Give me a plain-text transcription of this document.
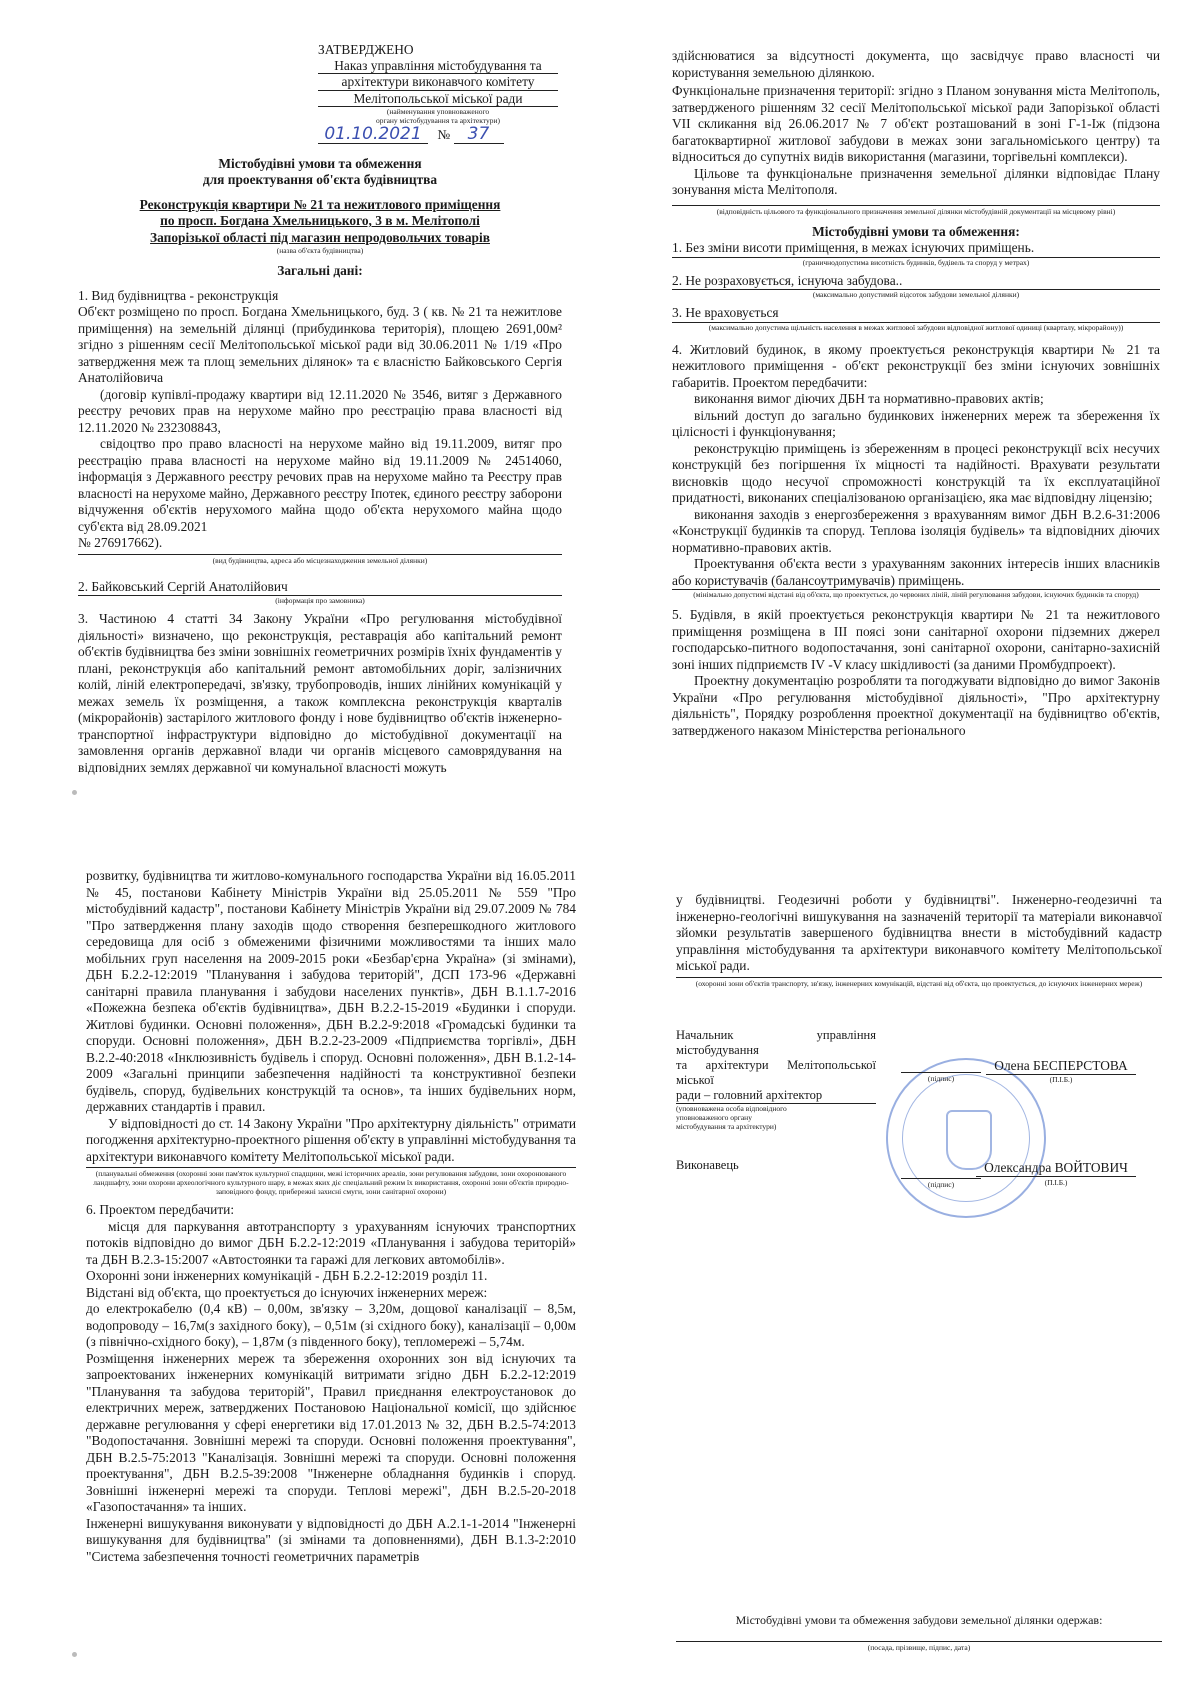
ЗАТВЕРДЖЕНО
Наказ управління містобудування та
архітектури виконавчого комітету
Мелітопольської міської ради

(найменування уповноваженого

органу містобудування та архітектури)

01.10.2021 № 37
Містобудівні умови та обмеження
для проектування об'єкта будівництва
Реконструкція квартири № 21 та нежитлового приміщення
по просп. Богдана Хмельницького, 3 в м. Мелітополі
Запорізької області під магазин непродовольчих товарів

(назва об'єкта будівництва)

Загальні дані:

1. Вид будівництва - реконструкція

Об'єкт розміщено по просп. Богдана Хмельницького, буд. 3 ( кв. № 21 та нежитлове приміщення) на земельній ділянці (прибудинкова територія), площею 2691,00м² згідно з рішенням сесії Мелітопольської міської ради від 30.06.2011 № 1/19 «Про затвердження меж та площ земельних ділянок» та є власністю Байковського Сергія Анатолійовича

(договір купівлі-продажу квартири від 12.11.2020 № 3546, витяг з Державного реєстру речових прав на нерухоме майно про реєстрацію права власності від 12.11.2020 № 232308843,

свідоцтво про право власності на нерухоме майно від 19.11.2009, витяг про реєстрацію права власності на нерухоме майно від 19.11.2009 № 24514060, інформація з Державного реєстру речових прав на нерухоме майно та Реєстру прав власності на нерухоме майно, Державного реєстру Іпотек, єдиного реєстру заборони відчуження об'єктів нерухомого майна щодо об'єкта нерухомого майна щодо суб'єкта від 28.09.2021

№ 276917662).

(вид будівництва, адреса або місцезнаходження земельної ділянки)

2. Байковський Сергій Анатолійович

(інформація про замовника)

3. Частиною 4 статті 34 Закону України «Про регулювання містобудівної діяльності» визначено, що реконструкція, реставрація або капітальний ремонт об'єктів будівництва без зміни зовнішніх геометричних розмірів їхніх фундаментів у плані, реконструкція або капітальний ремонт автомобільних доріг, залізничних колій, ліній електропередачі, зв'язку, трубопроводів, інших лінійних комунікацій у межах земель їх розміщення, а також комплексна реконструкція кварталів (мікрорайонів) застарілого житлового фонду і нове будівництво об'єктів інженерно-транспортної інфраструктури відповідно до містобудівної документації на замовлення органів державної влади чи органів місцевого самоврядування на відповідних землях державної чи комунальної власності можуть

здійснюватися за відсутності документа, що засвідчує право власності чи користування земельною ділянкою.

Функціональне призначення території: згідно з Планом зонування міста Мелітополь, затвердженого рішенням 32 сесії Мелітопольської міської ради Запорізької області VII скликання від 26.06.2017 № 7 об'єкт розташований в зоні Г-1-Іж (підзона багатоквартирної житлової забудови в межах зони загальноміського центру) та відноситься до супутніх видів використання (магазини, торгівельні комплекси).

Цільове та функціональне призначення земельної ділянки відповідає Плану зонування міста Мелітополя.

(відповідність цільового та функціонального призначення земельної ділянки містобудівній документації на місцевому рівні)

Містобудівні умови та обмеження:

1. Без зміни висоти приміщення, в межах існуючих приміщень.

(граничнодопустима висотність будинків, будівель та споруд у метрах)

2. Не розраховується, існуюча забудова..

(максимально допустимий відсоток забудови земельної ділянки)

3. Не враховується

(максимально допустима щільність населення в межах житлової забудови відповідної житлової одиниці (кварталу, мікрорайону))

4. Житловий будинок, в якому проектується реконструкція квартири № 21 та нежитлового приміщення - об'єкт реконструкції без зміни існуючих зовнішніх габаритів. Проектом передбачити:

виконання вимог діючих ДБН та нормативно-правових актів;

вільний доступ до загально будинкових інженерних мереж та збереження їх цілісності і функціонування;

реконструкцію приміщень із збереженням в процесі реконструкції всіх несучих конструкцій без погіршення їх міцності та надійності. Врахувати результати висновків щодо несучої спроможності конструкцій та їх експлуатаційної придатності, виконаних спеціалізованою організацією, яка має відповідну ліцензію;

виконання заходів з енергозбереження з врахуванням вимог ДБН В.2.6-31:2006 «Конструкції будинків та споруд. Теплова ізоляція будівель» та відповідних діючих нормативно-правових актів.

Проектування об'єкта вести з урахуванням законних інтересів інших власників або користувачів (балансоутримувачів) приміщень.

(мінімально допустимі відстані від об'єкта, що проектується, до червоних ліній, ліній регулювання забудови, існуючих будинків та споруд)

5. Будівля, в якій проектується реконструкція квартири № 21 та нежитлового приміщення розміщена в III поясі зони санітарної охорони підземних джерел господарсько-питного водопостачання, зоні санітарної охорони, санітарно-захисній зоні інших підприємств IV -V класу шкідливості (за даними Промбудпроект).

Проектну документацію розробляти та погоджувати відповідно до вимог Законів України «Про регулювання містобудівної діяльності», "Про архітектурну діяльність", Порядку розроблення проектної документації на будівництво об'єктів, затвердженого наказом Міністерства регіонального

розвитку, будівництва ти житлово-комунального господарства України від 16.05.2011 № 45, постанови Кабінету Міністрів України від 25.05.2011 № 559 "Про містобудівний кадастр", постанови Кабінету Міністрів України від 29.07.2009 № 784 "Про затвердження плану заходів щодо створення безперешкодного житлового середовища для осіб з обмеженими фізичними можливостями та інших мало мобільних груп населення на 2009-2015 роки «Безбар'єрна Україна» (зі змінами), ДБН Б.2.2-12:2019 "Планування і забудова територій", ДСП 173-96 «Державні санітарні правила планування і забудови населених пунктів», ДБН В.1.1.7-2016 «Пожежна безпека об'єктів будівництва», ДБН В.2.2-15-2019 «Будинки і споруди. Житлові будинки. Основні положення», ДБН В.2.2-9:2018 «Громадські будинки та споруди. Основні положення», ДБН В.2.2-23-2009 «Підприємства торгівлі», ДБН В.2.2-40:2018 «Інклюзивність будівель і споруд. Основні положення», ДБН В.1.2-14-2009 «Загальні принципи забезпечення надійності та конструктивної безпеки будівель, споруд, будівельних конструкцій та основ», та інших будівельних норм, державних стандартів і правил.

У відповідності до ст. 14 Закону України "Про архітектурну діяльність" отримати погодження архітектурно-проектного рішення об'єкту в управлінні містобудування та архітектури виконавчого комітету Мелітопольської міської ради.

(планувальні обмеження (охоронні зони пам'яток культурної спадщини, межі історичних ареалів, зони регулювання забудови, зони охоронюваного ландшафту, зони охорони археологічного культурного шару, в межах яких діє спеціальний режим їх використання, охоронні зони об'єктів природно-заповідного фонду, прибережні захисні смуги, зони санітарної охорони)

6. Проектом передбачити:

місця для паркування автотранспорту з урахуванням існуючих транспортних потоків відповідно до вимог ДБН Б.2.2-12:2019 «Планування і забудова територій» та ДБН В.2.3-15:2007 «Автостоянки та гаражі для легкових автомобілів».

Охоронні зони інженерних комунікацій - ДБН Б.2.2-12:2019 розділ 11.

Відстані від об'єкта, що проектується до існуючих інженерних мереж:

до електрокабелю (0,4 кВ) – 0,00м, зв'язку – 3,20м, дощової каналізації – 8,5м, водопроводу – 16,7м(з західного боку), – 0,51м (зі східного боку), каналізації – 0,00м (з північно-східного боку), – 1,87м (з південного боку), тепломережі – 5,74м.

Розміщення інженерних мереж та збереження охоронних зон від існуючих та запроектованих інженерних комунікацій витримати згідно ДБН Б.2.2-12:2019 "Планування та забудова територій", Правил приєднання електроустановок до електричних мереж, затверджених Постановою Національної комісії, що здійснює державне регулювання у сфері енергетики від 17.01.2013 № 32, ДБН В.2.5-74:2013 "Водопостачання. Зовнішні мережі та споруди. Основні положення проектування", ДБН В.2.5-75:2013 "Каналізація. Зовнішні мережі та споруди. Основні положення проектування", ДБН В.2.5-39:2008 "Інженерне обладнання будинків і споруд. Зовнішні інженерні мережі та споруди. Теплові мережі", ДБН В.2.5-20-2018 «Газопостачання» та інших.

Інженерні вишукування виконувати у відповідності до ДБН А.2.1-1-2014 "Інженерні вишукування для будівництва" (зі змінами та доповненнями), ДБН В.1.3-2:2010 "Система забезпечення точності геометричних параметрів

у будівництві. Геодезичні роботи у будівництві". Інженерно-геодезичні та інженерно-геологічні вишукування на зазначеній території та матеріали виконавчої зйомки результатів завершеного будівництва внести в містобудівний кадастр управління містобудування та архітектури виконавчого комітету Мелітопольської міської ради.

(охоронні зони об'єктів транспорту, зв'язку, інженерних комунікацій, відстані від об'єкта, що проектується, до існуючих інженерних мереж)

Начальник управління містобудування
та архітектури Мелітопольської міської
ради – головний архітектор
(уповноважена особа відповідного
уповноваженого органу
містобудування та архітектури)
(підпис)
Олена БЕСПЕРСТОВА
(П.І.Б.)
Виконавець
(підпис)
Олександра ВОЙТОВИЧ
(П.І.Б.)

Містобудівні умови та обмеження забудови земельної ділянки одержав:

(посада, прізвище, підпис, дата)
